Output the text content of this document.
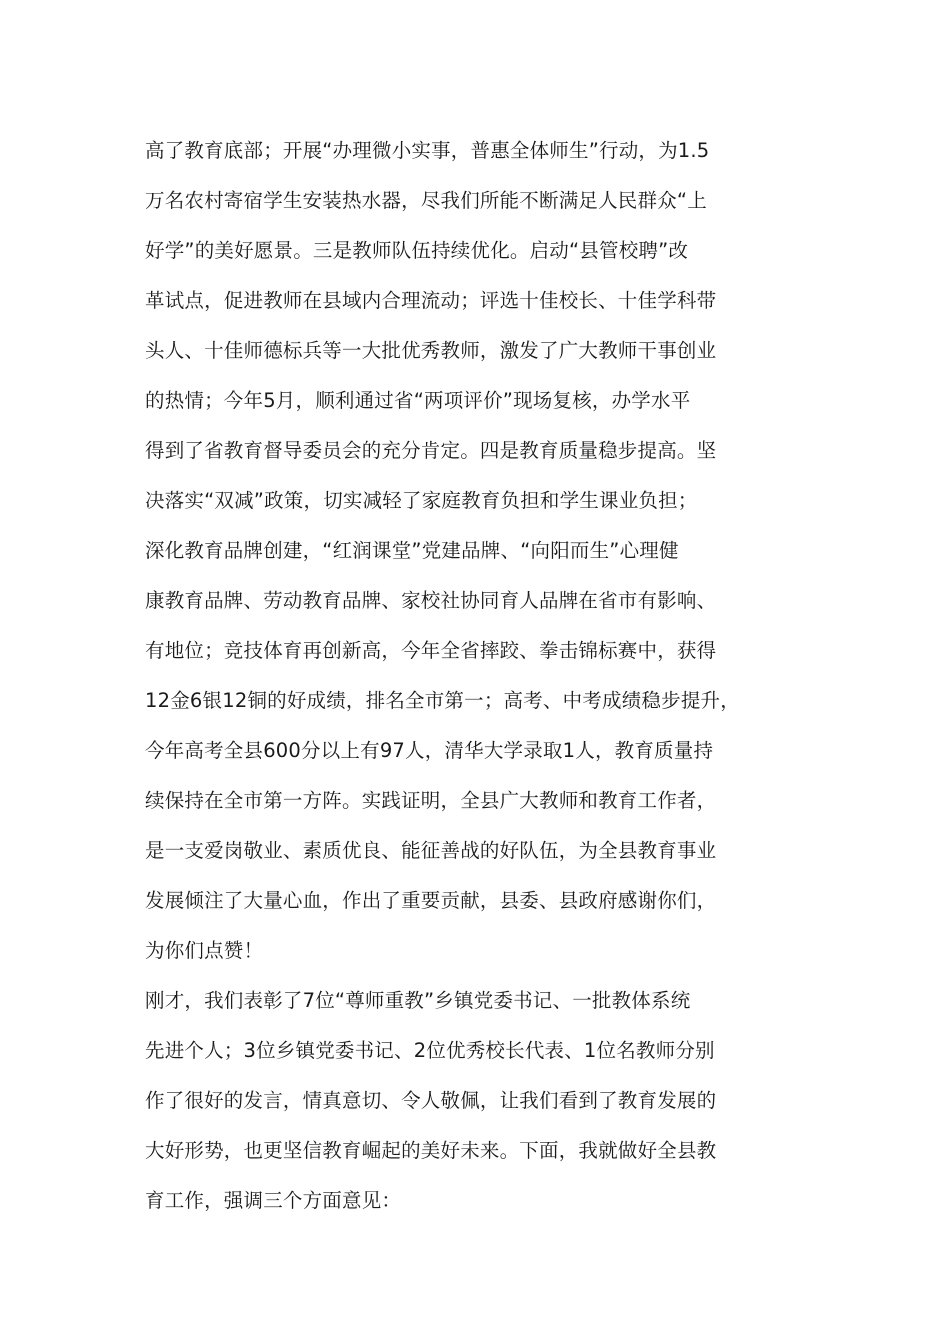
高了教育底部；开展“办理微小实事，普惠全体师生”行动，为1.5

万名农村寄宿学生安装热水器，尽我们所能不断满足人民群众“上

好学”的美好愿景。三是教师队伍持续优化。启动“县管校聘”改

革试点，促进教师在县域内合理流动；评选十佳校长、十佳学科带

头人、十佳师德标兵等一大批优秀教师，激发了广大教师干事创业

的热情；今年5月，顺利通过省“两项评价”现场复核，办学水平

得到了省教育督导委员会的充分肯定。四是教育质量稳步提高。坚

决落实“双减”政策，切实减轻了家庭教育负担和学生课业负担；

深化教育品牌创建，“红润课堂”党建品牌、“向阳而生”心理健

康教育品牌、劳动教育品牌、家校社协同育人品牌在省市有影响、

有地位；竞技体育再创新高，今年全省摔跤、拳击锦标赛中，获得

12金6银12铜的好成绩，排名全市第一；高考、中考成绩稳步提升，

今年高考全县600分以上有97人，清华大学录取1人，教育质量持

续保持在全市第一方阵。实践证明，全县广大教师和教育工作者，

是一支爱岗敬业、素质优良、能征善战的好队伍，为全县教育事业

发展倾注了大量心血，作出了重要贡献，县委、县政府感谢你们，

为你们点赞！

刚才，我们表彰了7位“尊师重教”乡镇党委书记、一批教体系统

先进个人；3位乡镇党委书记、2位优秀校长代表、1位名教师分别

作了很好的发言，情真意切、令人敬佩，让我们看到了教育发展的

大好形势，也更坚信教育崛起的美好未来。下面，我就做好全县教

育工作，强调三个方面意见：
